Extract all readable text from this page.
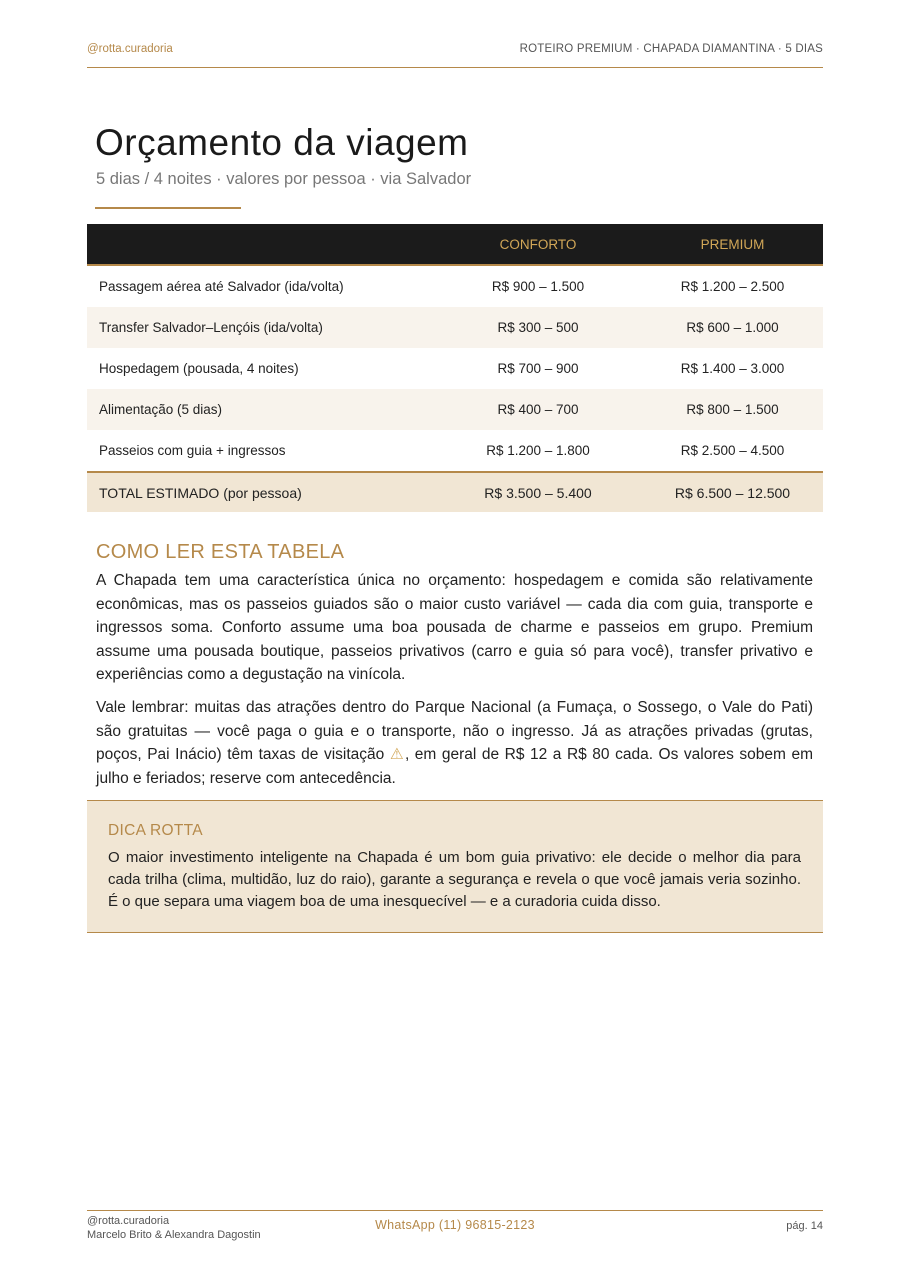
@rotta.curadoria	ROTEIRO PREMIUM · CHAPADA DIAMANTINA · 5 DIAS
Orçamento da viagem
5 dias / 4 noites · valores por pessoa · via Salvador
	CONFORTO	PREMIUM
Passagem aérea até Salvador (ida/volta)	R$ 900 – 1.500	R$ 1.200 – 2.500
Transfer Salvador–Lençóis (ida/volta)	R$ 300 – 500	R$ 600 – 1.000
Hospedagem (pousada, 4 noites)	R$ 700 – 900	R$ 1.400 – 3.000
Alimentação (5 dias)	R$ 400 – 700	R$ 800 – 1.500
Passeios com guia + ingressos	R$ 1.200 – 1.800	R$ 2.500 – 4.500
TOTAL ESTIMADO (por pessoa)	R$ 3.500 – 5.400	R$ 6.500 – 12.500
COMO LER ESTA TABELA

A Chapada tem uma característica única no orçamento: hospedagem e comida são relativamente econômicas, mas os passeios guiados são o maior custo variável — cada dia com guia, transporte e ingressos soma. Conforto assume uma boa pousada de charme e passeios em grupo. Premium assume uma pousada boutique, passeios privativos (carro e guia só para você), transfer privativo e experiências como a degustação na vinícola.

Vale lembrar: muitas das atrações dentro do Parque Nacional (a Fumaça, o Sossego, o Vale do Pati) são gratuitas — você paga o guia e o transporte, não o ingresso. Já as atrações privadas (grutas, poços, Pai Inácio) têm taxas de visitação ⚠, em geral de R$ 12 a R$ 80 cada. Os valores sobem em julho e feriados; reserve com antecedência.

DICA ROTTA

O maior investimento inteligente na Chapada é um bom guia privativo: ele decide o melhor dia para cada trilha (clima, multidão, luz do raio), garante a segurança e revela o que você jamais veria sozinho. É o que separa uma viagem boa de uma inesquecível — e a curadoria cuida disso.

@rotta.curadoria
Marcelo Brito & Alexandra Dagostin
WhatsApp (11) 96815-2123	pág. 14
